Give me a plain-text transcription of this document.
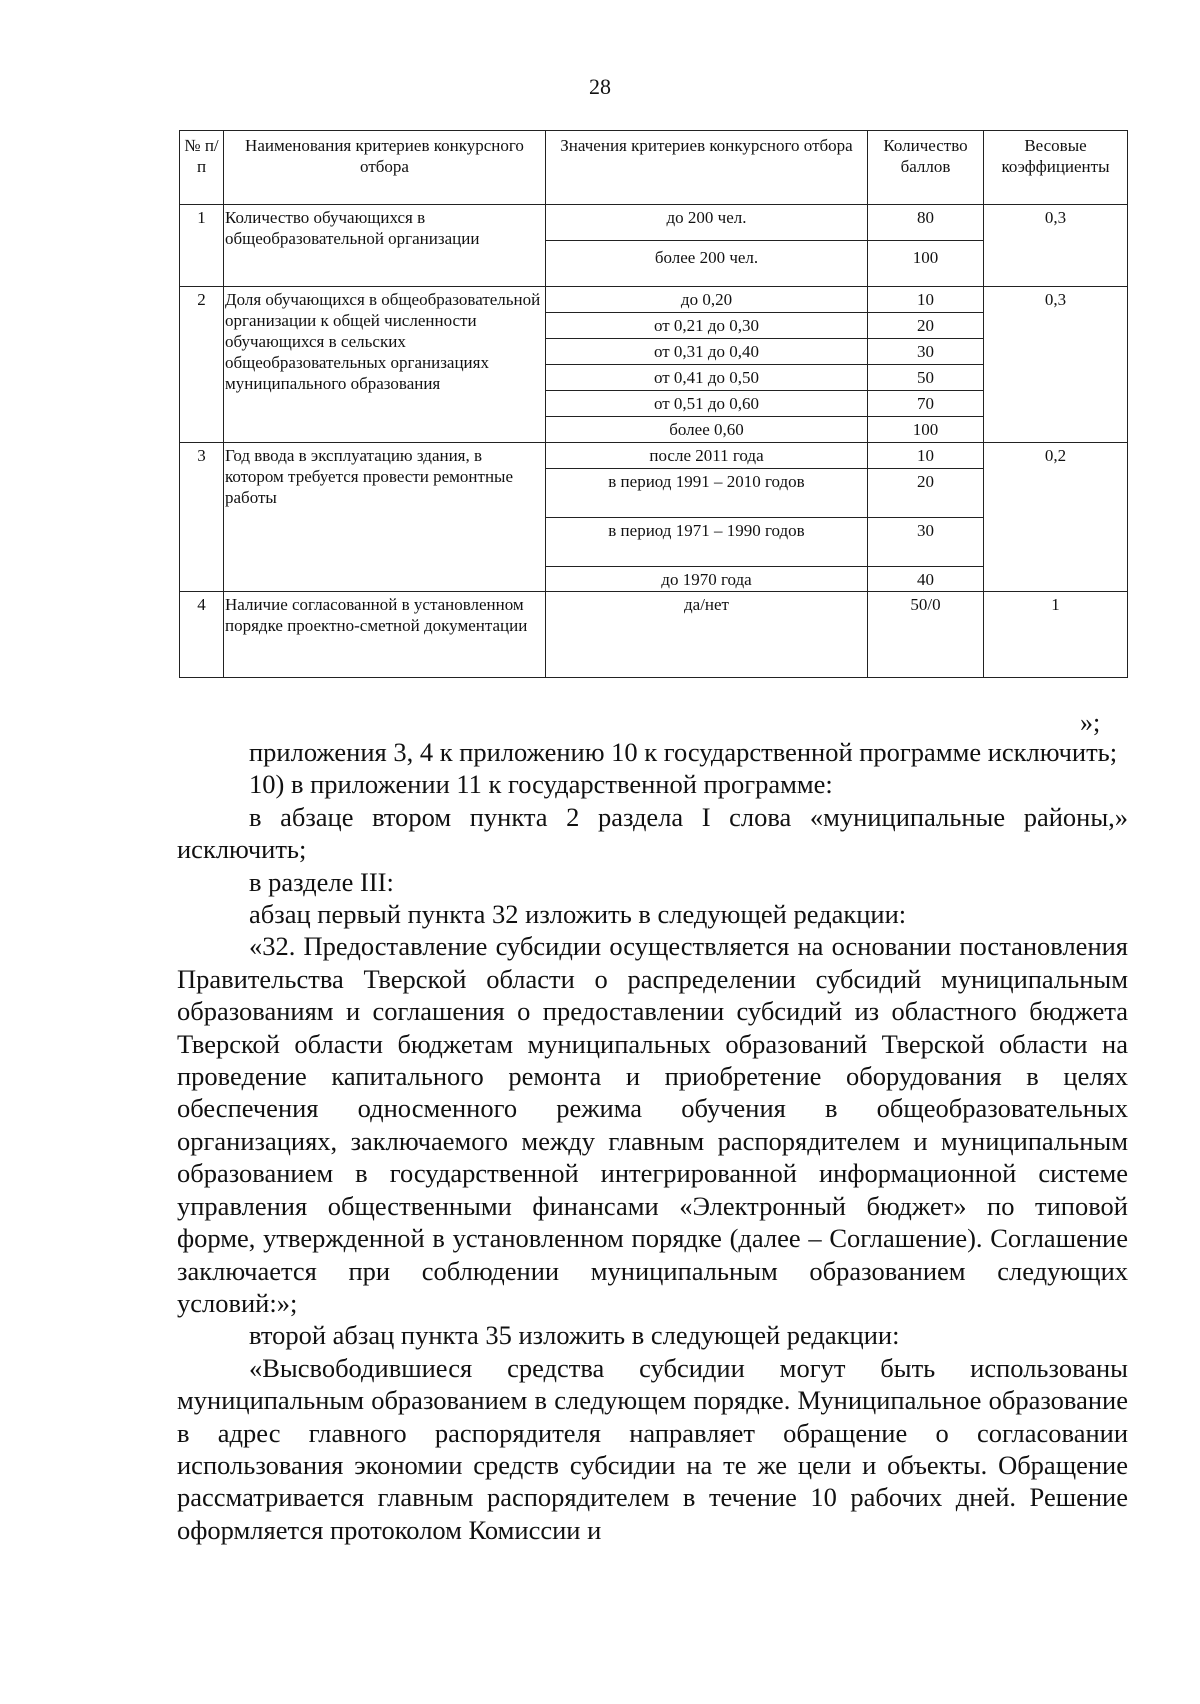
28
№ п/п	Наименования критериев конкурсного отбора	Значения критериев конкурсного отбора	Количество баллов	Весовые коэффициенты
1	Количество обучающихся в общеобразовательной организации	до 200 чел.	80	0,3
		более 200 чел.	100	
2	Доля обучающихся в общеобразовательной организации к общей численности обучающихся в сельских общеобразовательных организациях муниципального образования	до 0,20	10	0,3
		от 0,21 до 0,30	20	
		от 0,31 до 0,40	30	
		от 0,41 до 0,50	50	
		от 0,51 до 0,60	70	
		более 0,60	100	
3	Год ввода в эксплуатацию здания, в котором требуется провести ремонтные работы	после 2011 года	10	0,2
		в период 1991 – 2010 годов	20	
		в период 1971 – 1990 годов	30	
		до 1970 года	40	
4	Наличие согласованной в установленном порядке проектно-сметной документации	да/нет	50/0	1
»;

приложения 3, 4 к приложению 10 к государственной программе исключить;

10) в приложении 11 к государственной программе:

в абзаце втором пункта 2 раздела I слова «муниципальные районы,» исключить;

в разделе III:

абзац первый пункта 32 изложить в следующей редакции:

«32. Предоставление субсидии осуществляется на основании постановления Правительства Тверской области о распределении субсидий муниципальным образованиям и соглашения о предоставлении субсидий из областного бюджета Тверской области бюджетам муниципальных образований Тверской области на проведение капитального ремонта и приобретение оборудования в целях обеспечения односменного режима обучения в общеобразовательных организациях, заключаемого между главным распорядителем и муниципальным образованием в государственной интегрированной информационной системе управления общественными финансами «Электронный бюджет» по типовой форме, утвержденной в установленном порядке (далее – Соглашение). Соглашение заключается при соблюдении муниципальным образованием следующих условий:»;

второй абзац пункта 35 изложить в следующей редакции:

«Высвободившиеся средства субсидии могут быть использованы муниципальным образованием в следующем порядке. Муниципальное образование в адрес главного распорядителя направляет обращение о согласовании использования экономии средств субсидии на те же цели и объекты. Обращение рассматривается главным распорядителем в течение 10 рабочих дней. Решение оформляется протоколом Комиссии и
